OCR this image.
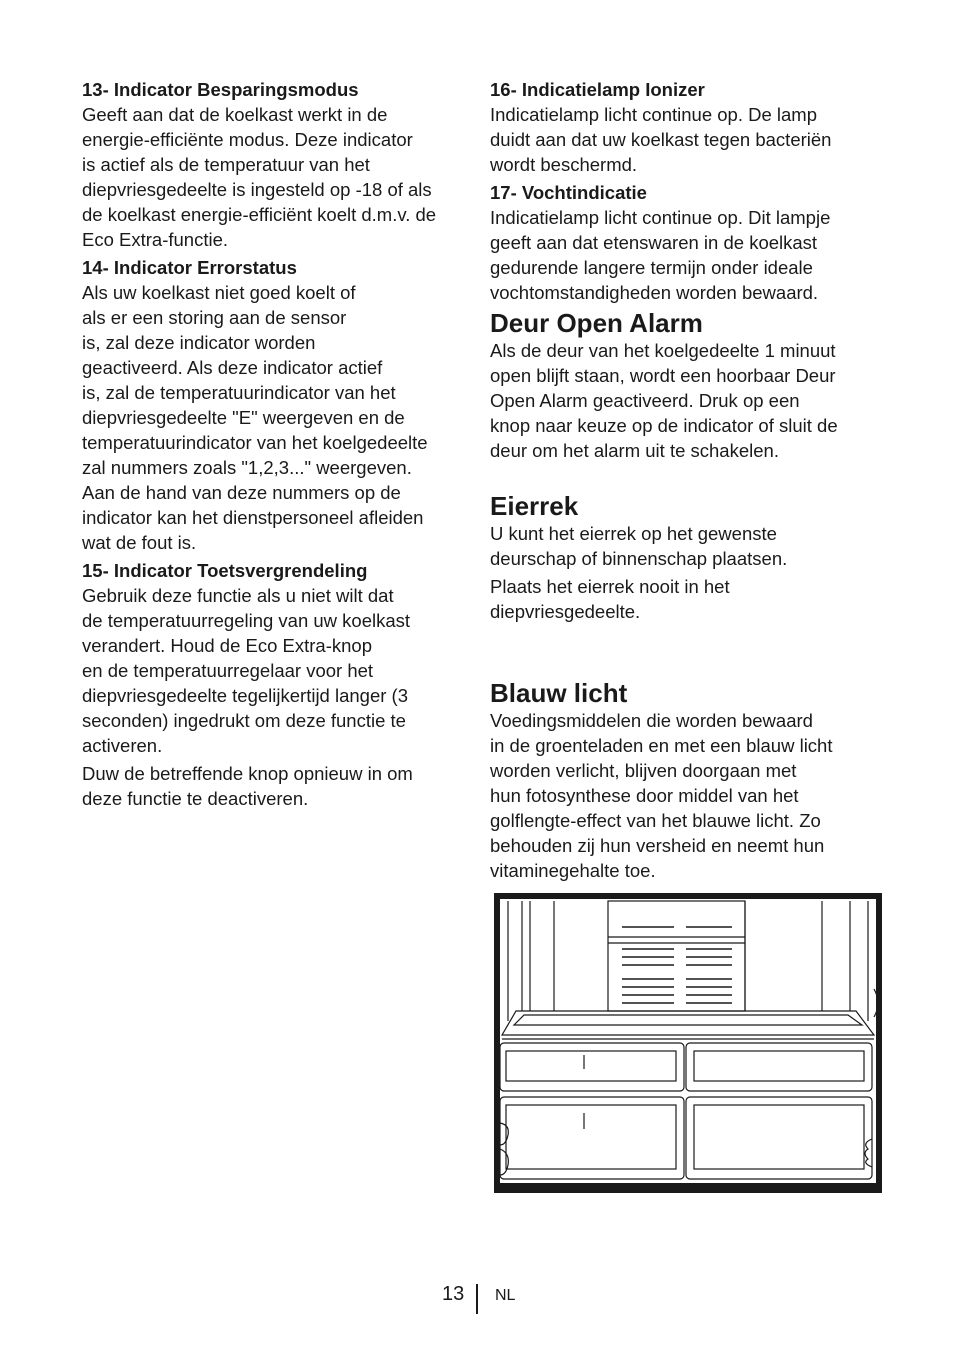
13- Indicator Besparingsmodus

Geeft aan dat de koelkast werkt in de
energie-efficiënte modus. Deze indicator
is actief als de temperatuur van het
diepvriesgedeelte is ingesteld op -18 of als
de koelkast energie-efficiënt koelt d.m.v. de
Eco Extra-functie.

14- Indicator Errorstatus

Als uw koelkast niet goed koelt of
als er een storing aan de sensor
is, zal deze indicator worden
geactiveerd. Als deze indicator actief
is, zal de temperatuurindicator van het
diepvriesgedeelte "E" weergeven en de
temperatuurindicator van het koelgedeelte
zal nummers zoals "1,2,3..." weergeven.
Aan de hand van deze nummers op de
indicator kan het dienstpersoneel afleiden
wat de fout is.

15- Indicator Toetsvergrendeling

Gebruik deze functie als u niet wilt dat
de temperatuurregeling van uw koelkast
verandert. Houd de Eco Extra-knop
en de temperatuurregelaar voor het
diepvriesgedeelte tegelijkertijd langer (3
seconden) ingedrukt om deze functie te
activeren.
Duw de betreffende knop opnieuw in om
deze functie te deactiveren.

16- Indicatielamp Ionizer

Indicatielamp licht continue op. De lamp
duidt aan dat uw koelkast tegen bacteriën
wordt beschermd.

17- Vochtindicatie

Indicatielamp licht continue op. Dit lampje
geeft aan dat etenswaren in de koelkast
gedurende langere termijn onder ideale
vochtomstandigheden worden bewaard.

Deur Open Alarm

Als de deur van het koelgedeelte 1 minuut
open blijft staan, wordt een hoorbaar Deur
Open Alarm geactiveerd. Druk op een
knop naar keuze op de indicator of sluit de
deur om het alarm uit te schakelen.

Eierrek

U kunt het eierrek op het gewenste
deurschap of binnenschap plaatsen.
Plaats het eierrek nooit in het
diepvriesgedeelte.

Blauw licht

Voedingsmiddelen die worden bewaard
in de groenteladen en met een blauw licht
worden verlicht, blijven doorgaan met
hun fotosynthese door middel van het
golflengte-effect van het blauwe licht. Zo
behouden zij hun versheid en neemt hun
vitaminegehalte toe.
13 NL
